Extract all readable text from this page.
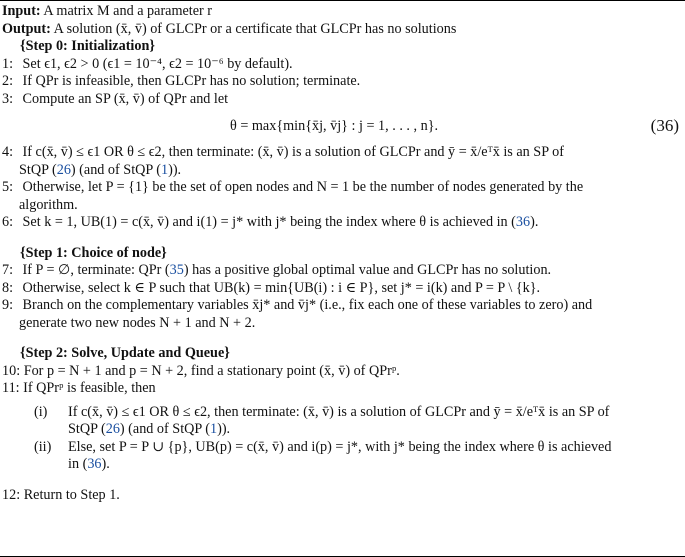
Input: A matrix M and a parameter r
Output: A solution (x̄, v̄) of GLCPr or a certificate that GLCPr has no solutions
{Step 0: Initialization}
1: Set ϵ1, ϵ2 > 0 (ϵ1 = 10⁻⁴, ϵ2 = 10⁻⁶ by default).
2: If QPr is infeasible, then GLCPr has no solution; terminate.
3: Compute an SP (x̄, v̄) of QPr and let
θ = max{min{x̄j, v̄j} : j = 1, . . . , n}.	(36)
4: If c(x̄, v̄) ≤ ϵ1 OR θ ≤ ϵ2, then terminate: (x̄, v̄) is a solution of GLCPr and ȳ = x̄/eᵀx̄ is an SP of
StQP (26) (and of StQP (1)).
5: Otherwise, let P = {1} be the set of open nodes and N = 1 be the number of nodes generated by the
algorithm.
6: Set k = 1, UB(1) = c(x̄, v̄) and i(1) = j* with j* being the index where θ is achieved in (36).
{Step 1: Choice of node}
7: If P = ∅, terminate: QPr (35) has a positive global optimal value and GLCPr has no solution.
8: Otherwise, select k ∈ P such that UB(k) = min{UB(i) : i ∈ P}, set j* = i(k) and P = P \ {k}.
9: Branch on the complementary variables x̄j* and v̄j* (i.e., fix each one of these variables to zero) and
generate two new nodes N + 1 and N + 2.
{Step 2: Solve, Update and Queue}
10: For p = N + 1 and p = N + 2, find a stationary point (x̄, v̄) of QPrᵖ.
11: If QPrᵖ is feasible, then
(i) If c(x̄, v̄) ≤ ϵ1 OR θ ≤ ϵ2, then terminate: (x̄, v̄) is a solution of GLCPr and ȳ = x̄/eᵀx̄ is an SP of
StQP (26) (and of StQP (1)).
(ii) Else, set P = P ∪ {p}, UB(p) = c(x̄, v̄) and i(p) = j*, with j* being the index where θ is achieved
in (36).
12: Return to Step 1.
